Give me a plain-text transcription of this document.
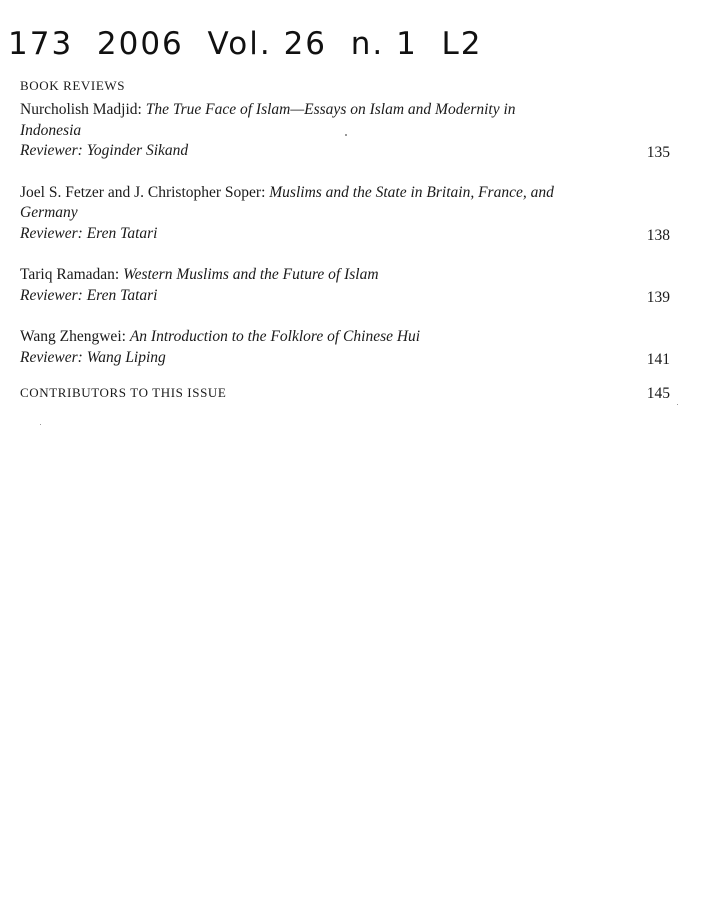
173  2006  Vol. 26  n. 1  L2
BOOK REVIEWS
Nurcholish Madjid: The True Face of Islam—Essays on Islam and Modernity in Indonesia
Reviewer: Yoginder Sikand	135
Joel S. Fetzer and J. Christopher Soper: Muslims and the State in Britain, France, and Germany
Reviewer: Eren Tatari	138
Tariq Ramadan: Western Muslims and the Future of Islam
Reviewer: Eren Tatari	139
Wang Zhengwei: An Introduction to the Folklore of Chinese Hui
Reviewer: Wang Liping	141
CONTRIBUTORS TO THIS ISSUE	145
